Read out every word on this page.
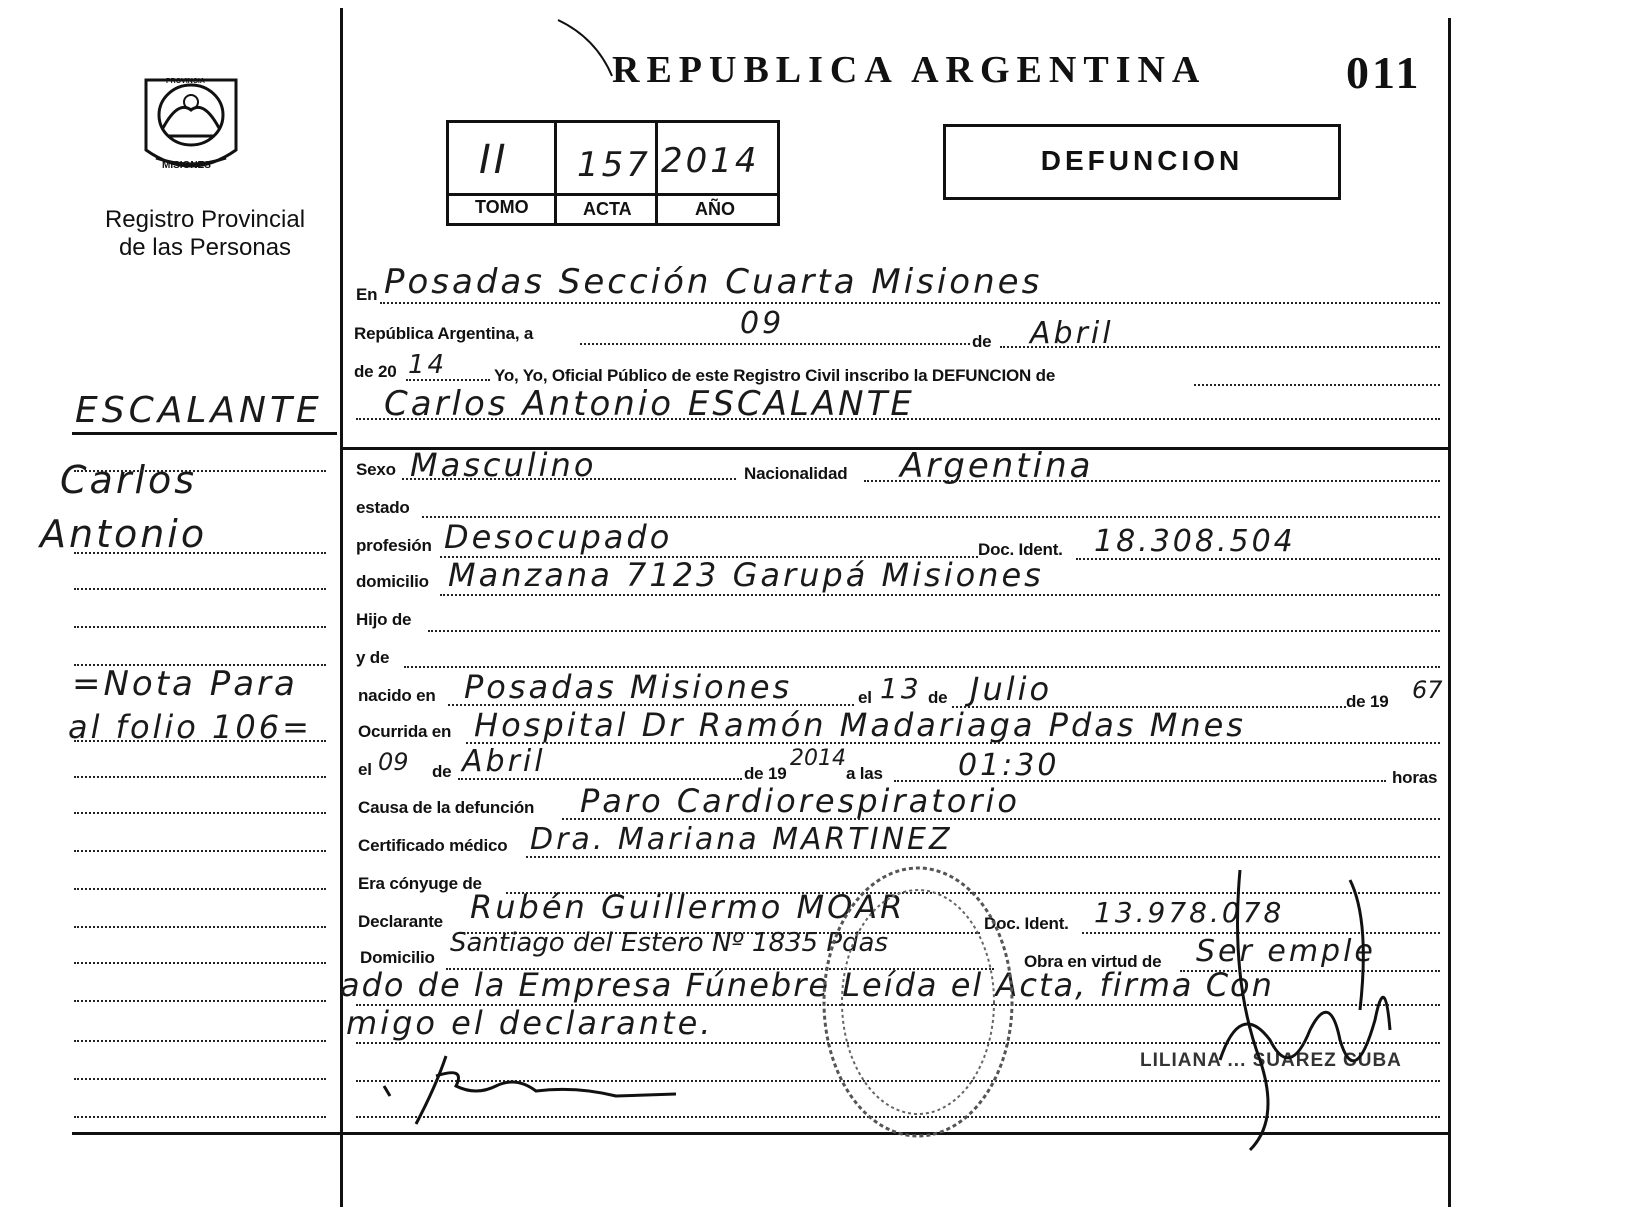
PROVINCIA
MISIONES
Registro Provincial
de las Personas
ESCALANTE
Carlos
Antonio
=Nota Para
al folio 106=
REPUBLICA ARGENTINA	011
II 157 2014
TOMO	ACTA	AÑO
DEFUNCION
En Posadas Sección Cuarta Misiones
República Argentina, a	09
de Abril
de 20 14	Yo, Yo, Oficial Público de este Registro Civil inscribo la DEFUNCION de
Carlos Antonio ESCALANTE
Sexo Masculino	Nacionalidad Argentina
estado
profesión Desocupado	Doc. Ident. 18.308.504
domicilio Manzana 7123 Garupá Misiones
Hijo de
y de
nacido en Posadas Misiones	el 13 de Julio	de 19 67
Ocurrida en Hospital Dr Ramón Madariaga Pdas Mnes
el 09 de Abril	de 19
2014
a las	01:30	horas
Causa de la defunción Paro Cardiorespiratorio
Certificado médico Dra. Mariana MARTINEZ
Era cónyuge de
Declarante Rubén Guillermo MOAR	Doc. Ident. 13.978.078
Domicilio Santiago del Estero Nº 1835 Pdas
Obra en virtud de Ser emple
ado de la Empresa Fúnebre Leída el Acta, firma Con
migo el declarante.
LILIANA ... SUAREZ CUBA
